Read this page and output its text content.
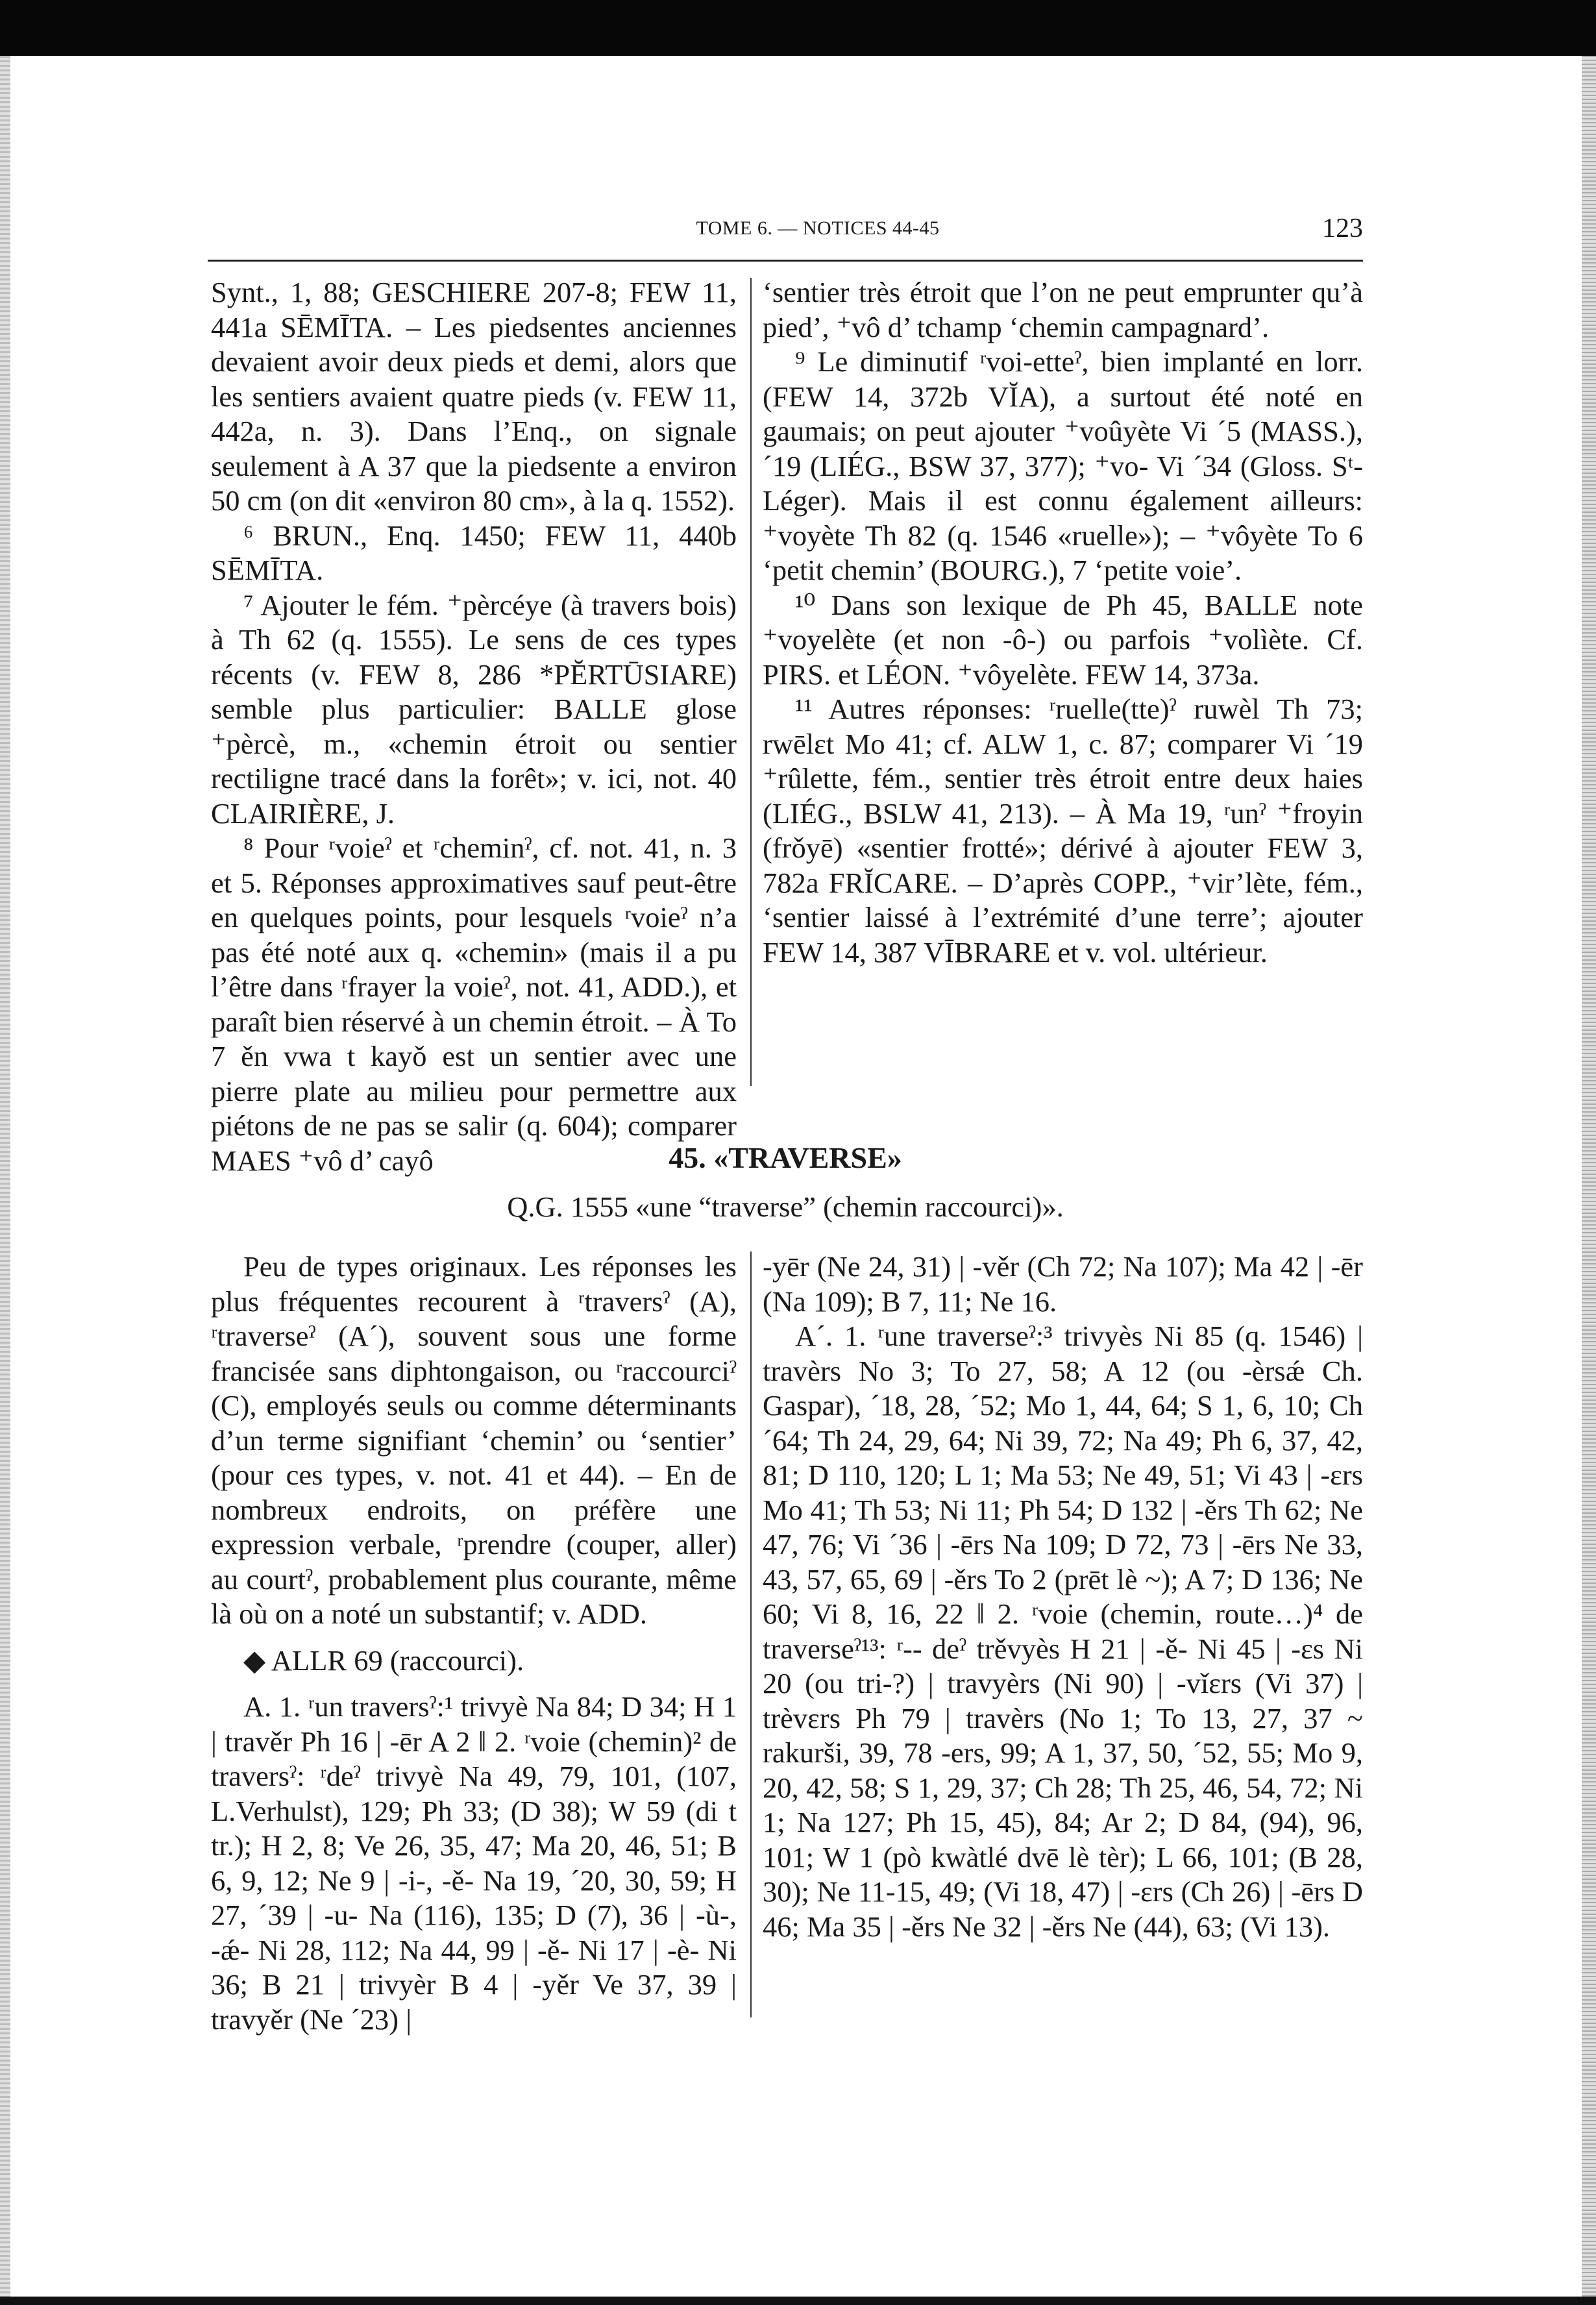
TOME 6. — NOTICES 44-45	123

Synt., 1, 88; GESCHIERE 207-8; FEW 11, 441a SĒMĪTA. – Les piedsentes anciennes devaient avoir deux pieds et demi, alors que les sentiers avaient quatre pieds (v. FEW 11, 442a, n. 3). Dans l’Enq., on signale seulement à A 37 que la piedsente a environ 50 cm (on dit «environ 80 cm», à la q. 1552).

⁶ BRUN., Enq. 1450; FEW 11, 440b SĒMĪTA.

⁷ Ajouter le fém. ⁺pèrcéye (à travers bois) à Th 62 (q. 1555). Le sens de ces types récents (v. FEW 8, 286 *PĔRTŪSIARE) semble plus particulier: BALLE glose ⁺pèrcè, m., «chemin étroit ou sentier rectiligne tracé dans la forêt»; v. ici, not. 40 CLAIRIÈRE, J.

⁸ Pour ʳvoieˀ et ʳcheminˀ, cf. not. 41, n. 3 et 5. Réponses approximatives sauf peut-être en quelques points, pour lesquels ʳvoieˀ n’a pas été noté aux q. «chemin» (mais il a pu l’être dans ʳfrayer la voieˀ, not. 41, ADD.), et paraît bien réservé à un chemin étroit. – À To 7 ěn vwa t kayǒ est un sentier avec une pierre plate au milieu pour permettre aux piétons de ne pas se salir (q. 604); comparer MAES ⁺vô d’ cayô

‘sentier très étroit que l’on ne peut emprunter qu’à pied’, ⁺vô d’ tchamp ‘chemin campagnard’.

⁹ Le diminutif ʳvoi-etteˀ, bien implanté en lorr. (FEW 14, 372b VĬA), a surtout été noté en gaumais; on peut ajouter ⁺voûyète Vi ´5 (MASS.), ´19 (LIÉG., BSW 37, 377); ⁺vo- Vi ´34 (Gloss. Sᵗ-Léger). Mais il est connu également ailleurs: ⁺voyète Th 82 (q. 1546 «ruelle»); – ⁺vôyète To 6 ‘petit chemin’ (BOURG.), 7 ‘petite voie’.

¹⁰ Dans son lexique de Ph 45, BALLE note ⁺voyelète (et non -ô-) ou parfois ⁺volìète. Cf. PIRS. et LÉON. ⁺vôyelète. FEW 14, 373a.

¹¹ Autres réponses: ʳruelle(tte)ˀ ruwèl Th 73; rwēlɛt Mo 41; cf. ALW 1, c. 87; comparer Vi ´19 ⁺rûlette, fém., sentier très étroit entre deux haies (LIÉG., BSLW 41, 213). – À Ma 19, ʳunˀ ⁺froyin (frǒyē) «sentier frotté»; dérivé à ajouter FEW 3, 782a FRĬCARE. – D’après COPP., ⁺vir’lète, fém., ‘sentier laissé à l’extrémité d’une terre’; ajouter FEW 14, 387 VĪBRARE et v. vol. ultérieur.

45. «TRAVERSE»
Q.G. 1555 «une “traverse” (chemin raccourci)».

Peu de types originaux. Les réponses les plus fréquentes recourent à ʳtraversˀ (A), ʳtraverseˀ (A´), souvent sous une forme francisée sans diphtongaison, ou ʳraccourciˀ (C), employés seuls ou comme déterminants d’un terme signifiant ‘chemin’ ou ‘sentier’ (pour ces types, v. not. 41 et 44). – En de nombreux endroits, on préfère une expression verbale, ʳprendre (couper, aller) au courtˀ, probablement plus courante, même là où on a noté un substantif; v. ADD.

◆ ALLR 69 (raccourci).

A. 1. ʳun traversˀ:¹ trivyè Na 84; D 34; H 1 | travěr Ph 16 | -ēr A 2 ‖ 2. ʳvoie (chemin)² de traversˀ: ʳdeˀ trivyè Na 49, 79, 101, (107, L.Verhulst), 129; Ph 33; (D 38); W 59 (di t tr.); H 2, 8; Ve 26, 35, 47; Ma 20, 46, 51; B 6, 9, 12; Ne 9 | -i-, -ě- Na 19, ´20, 30, 59; H 27, ´39 | -u- Na (116), 135; D (7), 36 | -ù-, -ǽ- Ni 28, 112; Na 44, 99 | -ě- Ni 17 | -è- Ni 36; B 21 | trivyèr B 4 | -yěr Ve 37, 39 | travyěr (Ne ´23) |

-yēr (Ne 24, 31) | -věr (Ch 72; Na 107); Ma 42 | -ēr (Na 109); B 7, 11; Ne 16.

A´. 1. ʳune traverseˀ:³ trivyès Ni 85 (q. 1546) | travèrs No 3; To 27, 58; A 12 (ou -èrsǽ Ch. Gaspar), ´18, 28, ´52; Mo 1, 44, 64; S 1, 6, 10; Ch ´64; Th 24, 29, 64; Ni 39, 72; Na 49; Ph 6, 37, 42, 81; D 110, 120; L 1; Ma 53; Ne 49, 51; Vi 43 | -ɛrs Mo 41; Th 53; Ni 11; Ph 54; D 132 | -ěrs Th 62; Ne 47, 76; Vi ´36 | -ērs Na 109; D 72, 73 | -ērs Ne 33, 43, 57, 65, 69 | -ěrs To 2 (prēt lè ~); A 7; D 136; Ne 60; Vi 8, 16, 22 ‖ 2. ʳvoie (chemin, route…)⁴ de traverseˀ¹³: ʳ-- deˀ trěvyès H 21 | -ě- Ni 45 | -ɛs Ni 20 (ou tri-?) | travyèrs (Ni 90) | -vǐɛrs (Vi 37) | trèvɛrs Ph 79 | travèrs (No 1; To 13, 27, 37 ~ rakurši, 39, 78 -ers, 99; A 1, 37, 50, ´52, 55; Mo 9, 20, 42, 58; S 1, 29, 37; Ch 28; Th 25, 46, 54, 72; Ni 1; Na 127; Ph 15, 45), 84; Ar 2; D 84, (94), 96, 101; W 1 (pò kwàtlé dvē lè tèr); L 66, 101; (B 28, 30); Ne 11-15, 49; (Vi 18, 47) | -ɛrs (Ch 26) | -ērs D 46; Ma 35 | -ěrs Ne 32 | -ěrs Ne (44), 63; (Vi 13).
